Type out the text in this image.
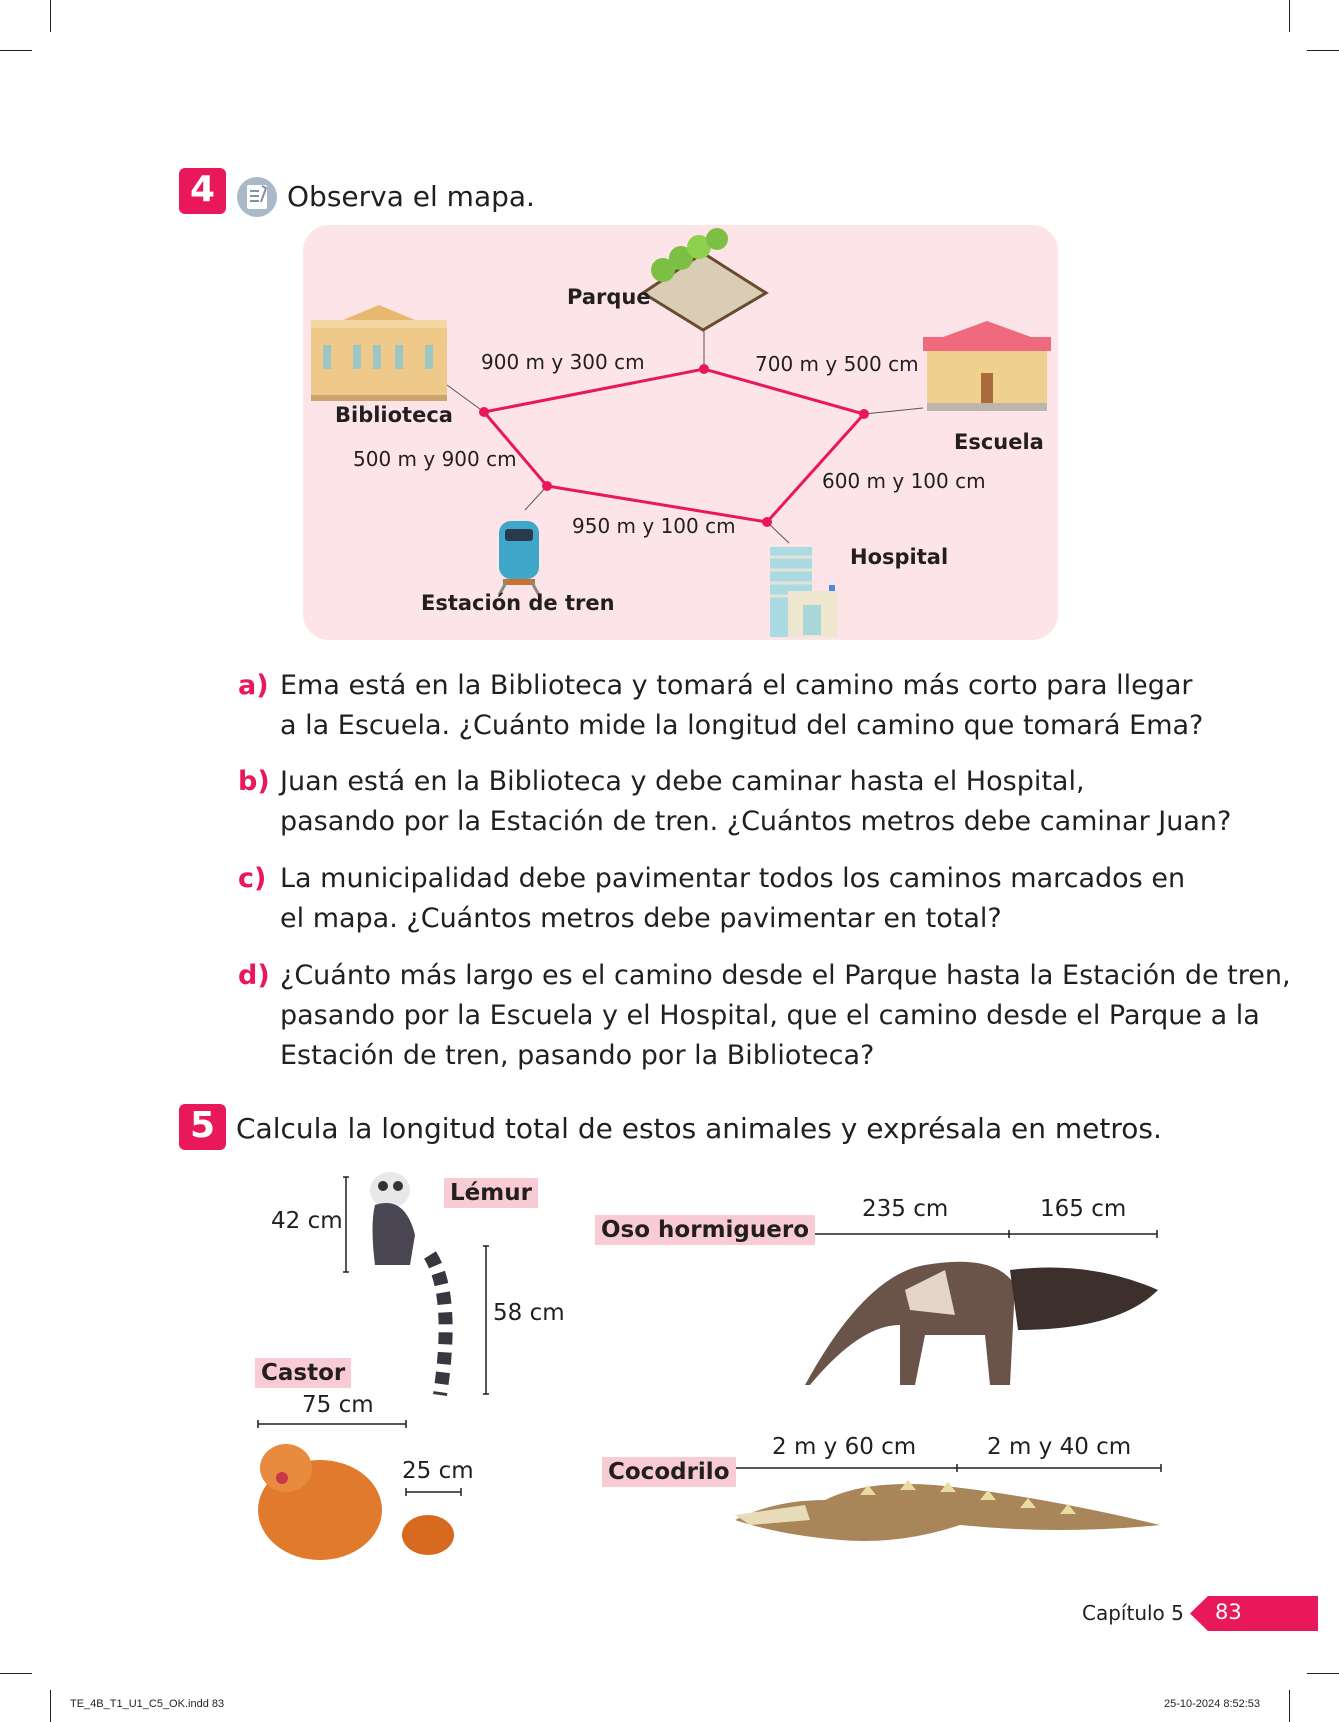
4	Observa el mapa.
Parque
Biblioteca
Escuela
Estación de tren
Hospital
900 m y 300 cm	700 m y 500 cm
500 m y 900 cm
600 m y 100 cm
950 m y 100 cm
a) Ema está en la Biblioteca y tomará el camino más corto para llegar
a la Escuela. ¿Cuánto mide la longitud del camino que tomará Ema?
b) Juan está en la Biblioteca y debe caminar hasta el Hospital,
pasando por la Estación de tren. ¿Cuántos metros debe caminar Juan?
c) La municipalidad debe pavimentar todos los caminos marcados en
el mapa. ¿Cuántos metros debe pavimentar en total?
d) ¿Cuánto más largo es el camino desde el Parque hasta la Estación de tren,
pasando por la Escuela y el Hospital, que el camino desde el Parque a la
Estación de tren, pasando por la Biblioteca?
5 Calcula la longitud total de estos animales y exprésala en metros.
42 cm
Lémur
58 cm
Castor
75 cm
25 cm
Oso hormiguero
235 cm	165 cm
Cocodrilo
2 m y 60 cm	2 m y 40 cm
Capítulo 5 83
TE_4B_T1_U1_C5_OK.indd 83	25-10-2024 8:52:53
